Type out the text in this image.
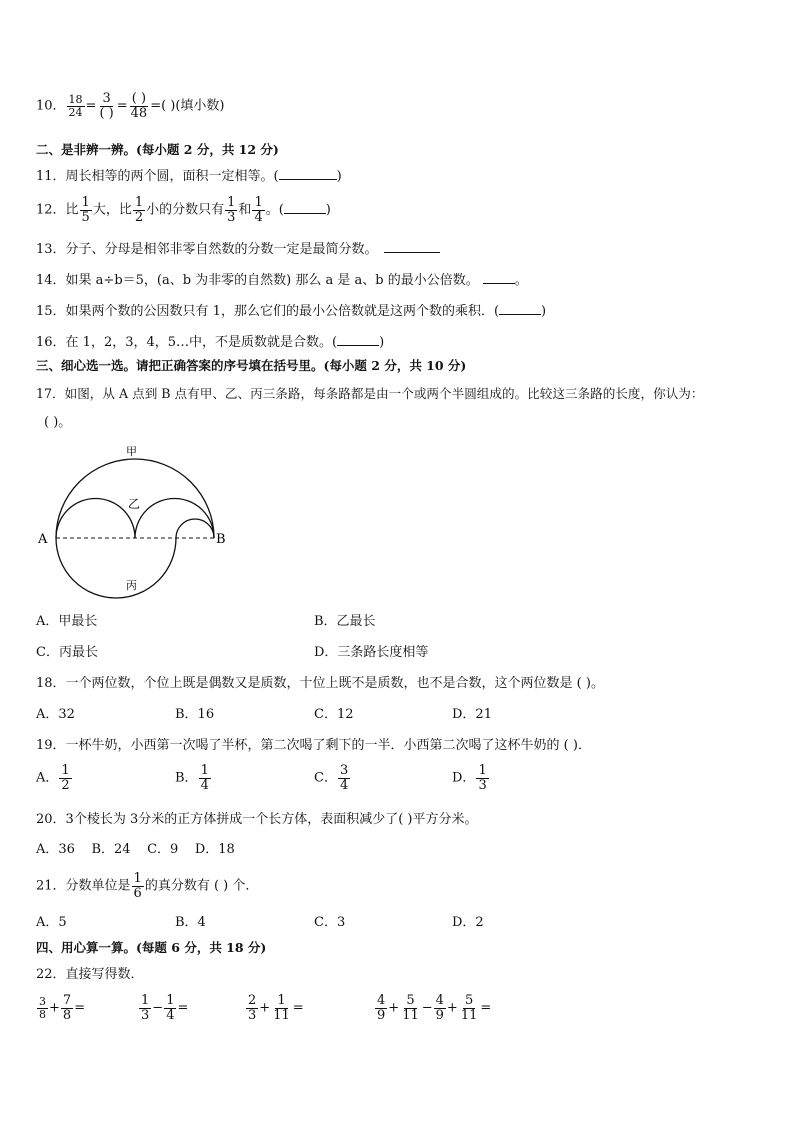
10． $\frac{18}{24} = \frac{3}{( )} = \frac{( )}{48}$ =( )(填小数)
二、是非辨一辨。(每小题 2 分，共 12 分)
11．周长相等的两个圆，面积一定相等。(	)
12．比 $\frac{1}{5}$ 大，比 $\frac{1}{2}$ 小的分数只有 $\frac{1}{3}$ 和 $\frac{1}{4}$ 。(	)
13．分子、分母是相邻非零自然数的分数一定是最简分数。
14．如果 a÷b＝5，(a、b 为非零的自然数) 那么 a 是 a、b 的最小公倍数。	。
15．如果两个数的公因数只有 1，那么它们的最小公倍数就是这两个数的乘积．(	)
16．在 1，2，3，4，5…中，不是质数就是合数。(	)
三、细心选一选。请把正确答案的序号填在括号里。(每小题 2 分，共 10 分)
17．如图，从 A 点到 B 点有甲、乙、丙三条路，每条路都是由一个或两个半圆组成的。比较这三条路的长度，你认为：
( )。
A	B
甲
乙
丙
A．甲最长	B．乙最长
C．丙最长	D．三条路长度相等
18．一个两位数，个位上既是偶数又是质数，十位上既不是质数，也不是合数，这个两位数是 ( )。
A．32	B．16	C．12	D．21
19．一杯牛奶，小西第一次喝了半杯，第二次喝了剩下的一半．小西第二次喝了这杯牛奶的 ( )．
A． $\frac{1}{2}$	B． $\frac{1}{4}$	C． $\frac{3}{4}$	D． $\frac{1}{3}$
20．3个棱长为 3分米的正方体拼成一个长方体，表面积减少了( )平方分米。
A．36    B．24    C．9    D．18
21．分数单位是 $\frac{1}{6}$ 的真分数有 ( ) 个．
A．5	B．4	C．3	D．2
四、用心算一算。(每题 6 分，共 18 分)
22．直接写得数．
$\frac{3}{8} + \frac{7}{8}$ =	$\frac{1}{3} - \frac{1}{4}$ =	$\frac{2}{3} + \frac{1}{11}$ =	$\frac{4}{9} + \frac{5}{11} - \frac{4}{9} + \frac{5}{11}$ =
